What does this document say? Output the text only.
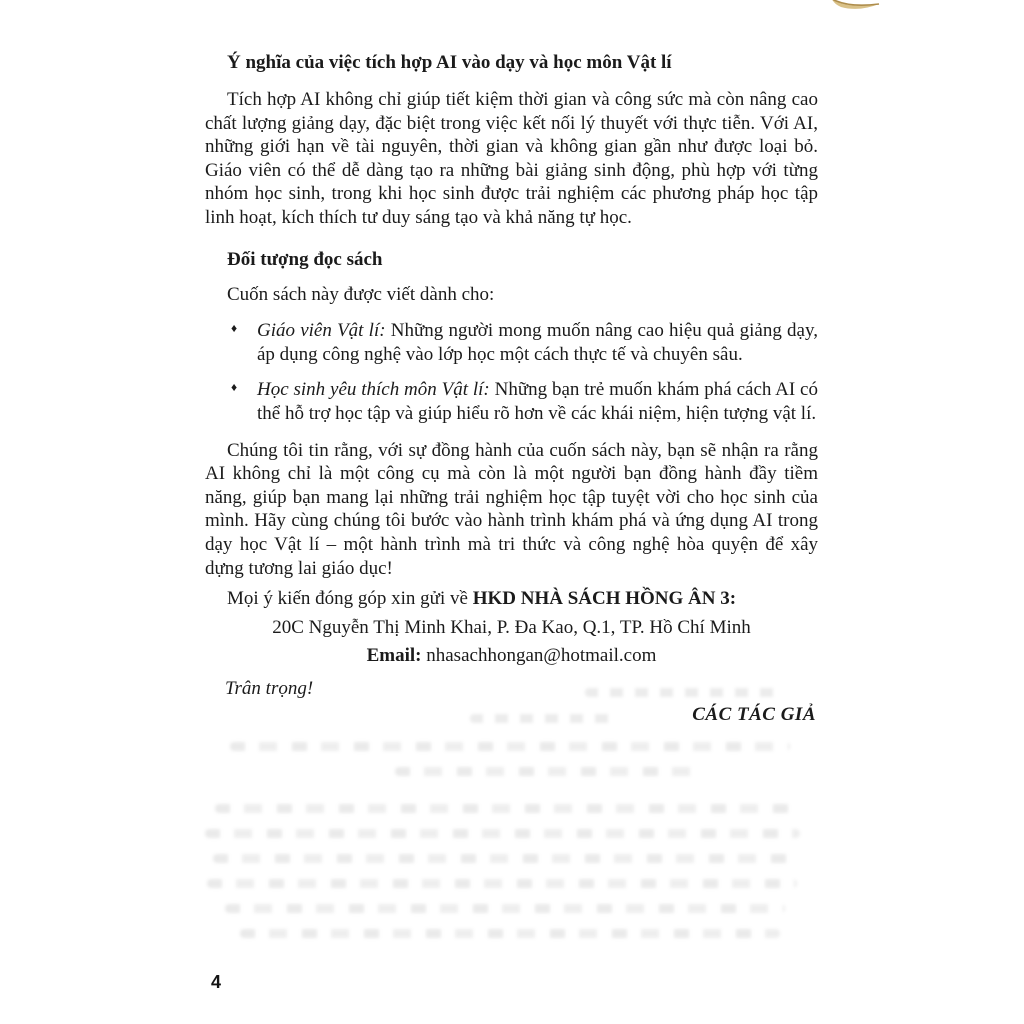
Ý nghĩa của việc tích hợp AI vào dạy và học môn Vật lí

Tích hợp AI không chỉ giúp tiết kiệm thời gian và công sức mà còn nâng cao chất lượng giảng dạy, đặc biệt trong việc kết nối lý thuyết với thực tiễn. Với AI, những giới hạn về tài nguyên, thời gian và không gian gần như được loại bỏ. Giáo viên có thể dễ dàng tạo ra những bài giảng sinh động, phù hợp với từng nhóm học sinh, trong khi học sinh được trải nghiệm các phương pháp học tập linh hoạt, kích thích tư duy sáng tạo và khả năng tự học.

Đối tượng đọc sách

Cuốn sách này được viết dành cho:

♦	Giáo viên Vật lí: Những người mong muốn nâng cao hiệu quả giảng dạy, áp dụng công nghệ vào lớp học một cách thực tế và chuyên sâu.

♦	Học sinh yêu thích môn Vật lí: Những bạn trẻ muốn khám phá cách AI có thể hỗ trợ học tập và giúp hiểu rõ hơn về các khái niệm, hiện tượng vật lí.

Chúng tôi tin rằng, với sự đồng hành của cuốn sách này, bạn sẽ nhận ra rằng AI không chỉ là một công cụ mà còn là một người bạn đồng hành đầy tiềm năng, giúp bạn mang lại những trải nghiệm học tập tuyệt vời cho học sinh của mình. Hãy cùng chúng tôi bước vào hành trình khám phá và ứng dụng AI trong dạy học Vật lí – một hành trình mà tri thức và công nghệ hòa quyện để xây dựng tương lai giáo dục!

Mọi ý kiến đóng góp xin gửi về HKD NHÀ SÁCH HỒNG ÂN 3:

20C Nguyễn Thị Minh Khai, P. Đa Kao, Q.1, TP. Hồ Chí Minh

Email: nhasachhongan@hotmail.com

Trân trọng!

CÁC TÁC GIẢ

4
